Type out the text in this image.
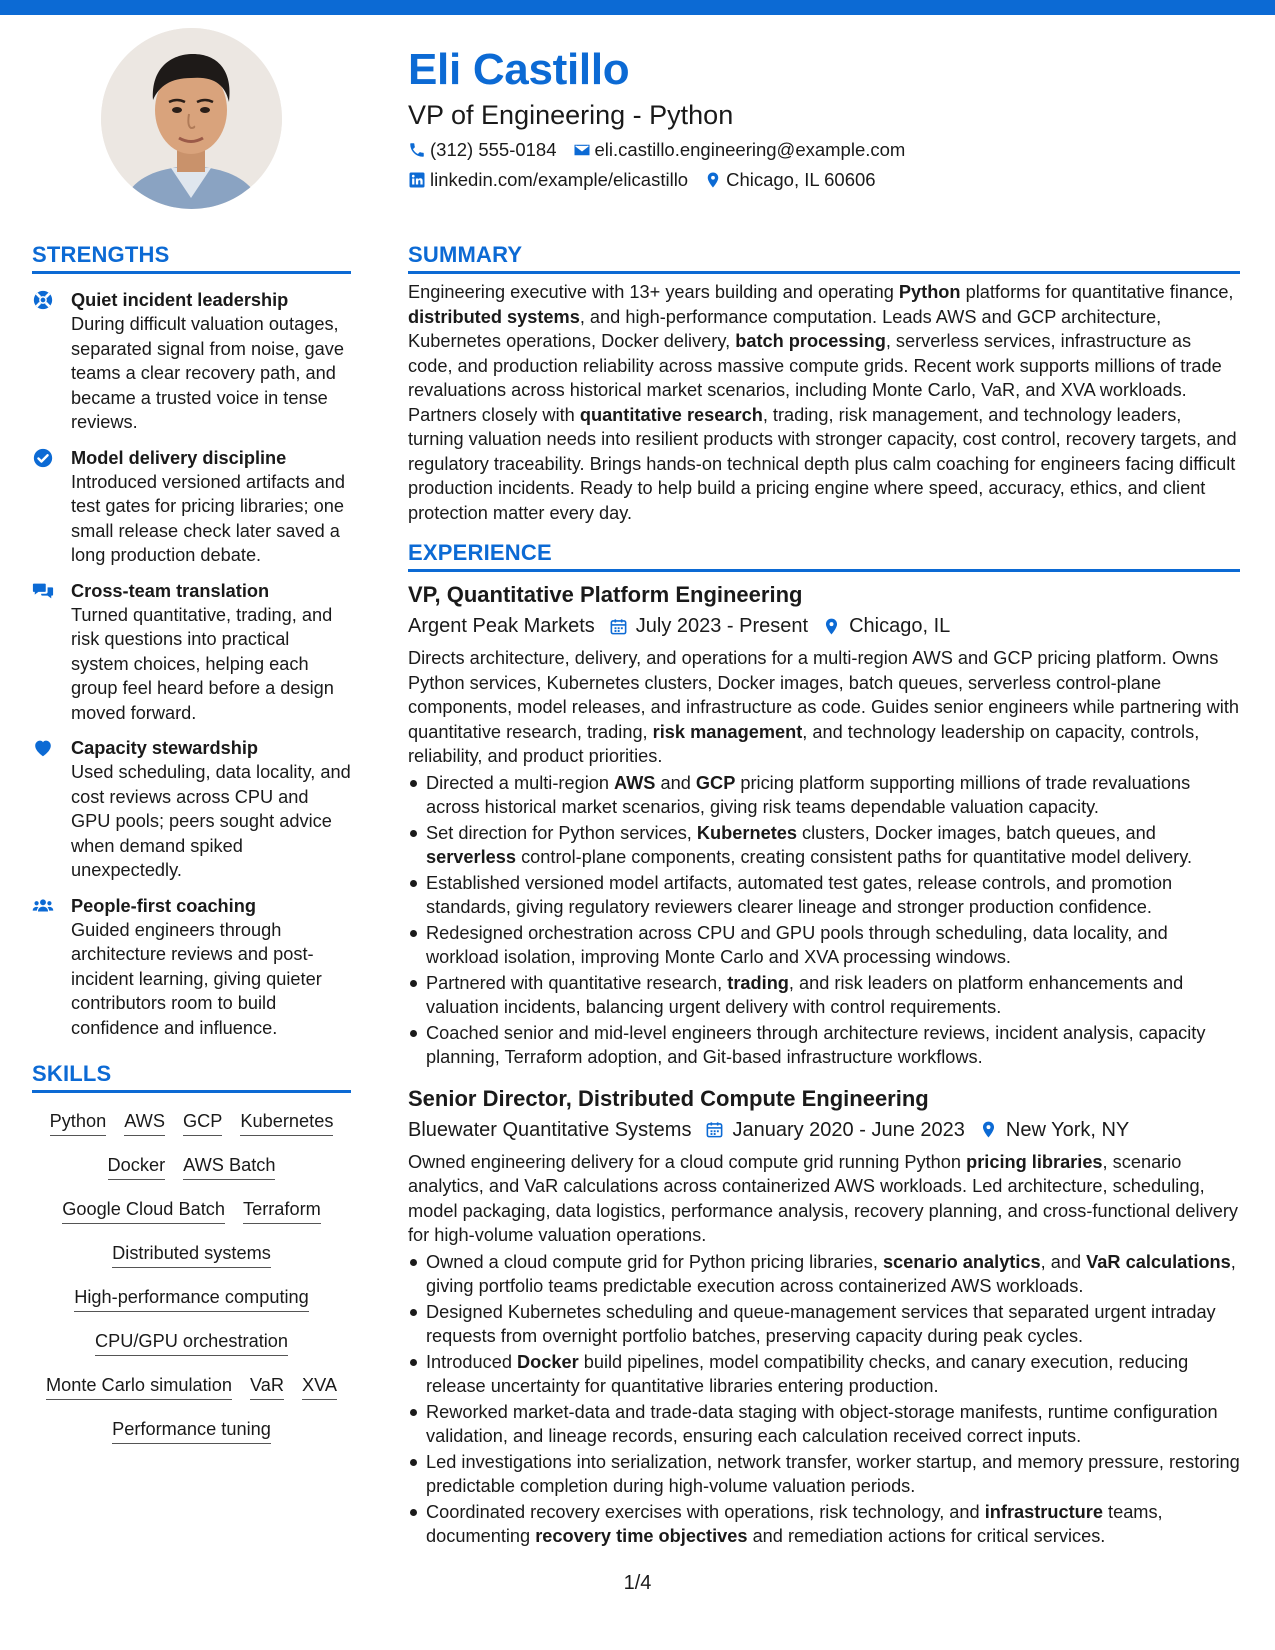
Eli Castillo
VP of Engineering - Python
(312) 555-0184 eli.castillo.engineering@example.com
linkedin.com/example/elicastillo Chicago, IL 60606
STRENGTHS
Quiet incident leadership
During difficult valuation outages, separated signal from noise, gave teams a clear recovery path, and became a trusted voice in tense reviews.
Model delivery discipline
Introduced versioned artifacts and test gates for pricing libraries; one small release check later saved a long production debate.
Cross-team translation
Turned quantitative, trading, and risk questions into practical system choices, helping each group feel heard before a design moved forward.
Capacity stewardship
Used scheduling, data locality, and cost reviews across CPU and GPU pools; peers sought advice when demand spiked unexpectedly.
People-first coaching
Guided engineers through architecture reviews and post-incident learning, giving quieter contributors room to build confidence and influence.
SKILLS
Python AWS GCP Kubernetes
Docker AWS Batch
Google Cloud Batch Terraform
Distributed systems
High-performance computing
CPU/GPU orchestration
Monte Carlo simulation VaR XVA
Performance tuning
SUMMARY
Engineering executive with 13+ years building and operating Python platforms for quantitative finance, distributed systems, and high-performance computation. Leads AWS and GCP architecture, Kubernetes operations, Docker delivery, batch processing, serverless services, infrastructure as code, and production reliability across massive compute grids. Recent work supports millions of trade revaluations across historical market scenarios, including Monte Carlo, VaR, and XVA workloads. Partners closely with quantitative research, trading, risk management, and technology leaders, turning valuation needs into resilient products with stronger capacity, cost control, recovery targets, and regulatory traceability. Brings hands-on technical depth plus calm coaching for engineers facing difficult production incidents. Ready to help build a pricing engine where speed, accuracy, ethics, and client protection matter every day.
EXPERIENCE
VP, Quantitative Platform Engineering
Argent Peak Markets July 2023 - Present Chicago, IL
Directs architecture, delivery, and operations for a multi-region AWS and GCP pricing platform. Owns Python services, Kubernetes clusters, Docker images, batch queues, serverless control-plane components, model releases, and infrastructure as code. Guides senior engineers while partnering with quantitative research, trading, risk management, and technology leadership on capacity, controls, reliability, and product priorities.
Directed a multi-region AWS and GCP pricing platform supporting millions of trade revaluations across historical market scenarios, giving risk teams dependable valuation capacity.
Set direction for Python services, Kubernetes clusters, Docker images, batch queues, and serverless control-plane components, creating consistent paths for quantitative model delivery.
Established versioned model artifacts, automated test gates, release controls, and promotion standards, giving regulatory reviewers clearer lineage and stronger production confidence.
Redesigned orchestration across CPU and GPU pools through scheduling, data locality, and workload isolation, improving Monte Carlo and XVA processing windows.
Partnered with quantitative research, trading, and risk leaders on platform enhancements and valuation incidents, balancing urgent delivery with control requirements.
Coached senior and mid-level engineers through architecture reviews, incident analysis, capacity planning, Terraform adoption, and Git-based infrastructure workflows.
Senior Director, Distributed Compute Engineering
Bluewater Quantitative Systems January 2020 - June 2023 New York, NY
Owned engineering delivery for a cloud compute grid running Python pricing libraries, scenario analytics, and VaR calculations across containerized AWS workloads. Led architecture, scheduling, model packaging, data logistics, performance analysis, recovery planning, and cross-functional delivery for high-volume valuation operations.
Owned a cloud compute grid for Python pricing libraries, scenario analytics, and VaR calculations, giving portfolio teams predictable execution across containerized AWS workloads.
Designed Kubernetes scheduling and queue-management services that separated urgent intraday requests from overnight portfolio batches, preserving capacity during peak cycles.
Introduced Docker build pipelines, model compatibility checks, and canary execution, reducing release uncertainty for quantitative libraries entering production.
Reworked market-data and trade-data staging with object-storage manifests, runtime configuration validation, and lineage records, ensuring each calculation received correct inputs.
Led investigations into serialization, network transfer, worker startup, and memory pressure, restoring predictable completion during high-volume valuation periods.
Coordinated recovery exercises with operations, risk technology, and infrastructure teams, documenting recovery time objectives and remediation actions for critical services.
1/4
